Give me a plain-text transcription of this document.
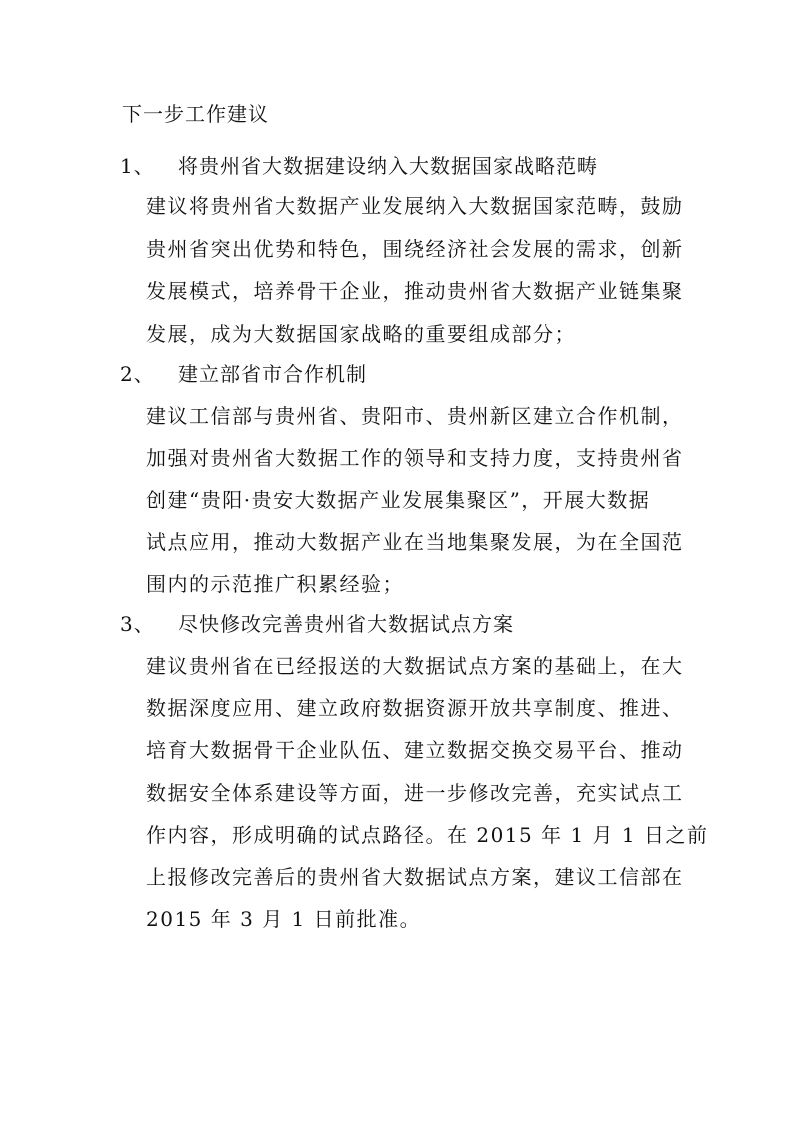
下一步工作建议
1、 将贵州省大数据建设纳入大数据国家战略范畴
建议将贵州省大数据产业发展纳入大数据国家范畴，鼓励
贵州省突出优势和特色，围绕经济社会发展的需求，创新
发展模式，培养骨干企业，推动贵州省大数据产业链集聚
发展，成为大数据国家战略的重要组成部分；
2、 建立部省市合作机制
建议工信部与贵州省、贵阳市、贵州新区建立合作机制，
加强对贵州省大数据工作的领导和支持力度，支持贵州省
创建“贵阳·贵安大数据产业发展集聚区”，开展大数据
试点应用，推动大数据产业在当地集聚发展，为在全国范
围内的示范推广积累经验；
3、 尽快修改完善贵州省大数据试点方案
建议贵州省在已经报送的大数据试点方案的基础上，在大
数据深度应用、建立政府数据资源开放共享制度、推进、
培育大数据骨干企业队伍、建立数据交换交易平台、推动
数据安全体系建设等方面，进一步修改完善，充实试点工
作内容，形成明确的试点路径。在 2015 年 1 月 1 日之前
上报修改完善后的贵州省大数据试点方案，建议工信部在
2015 年 3 月 1 日前批准。
